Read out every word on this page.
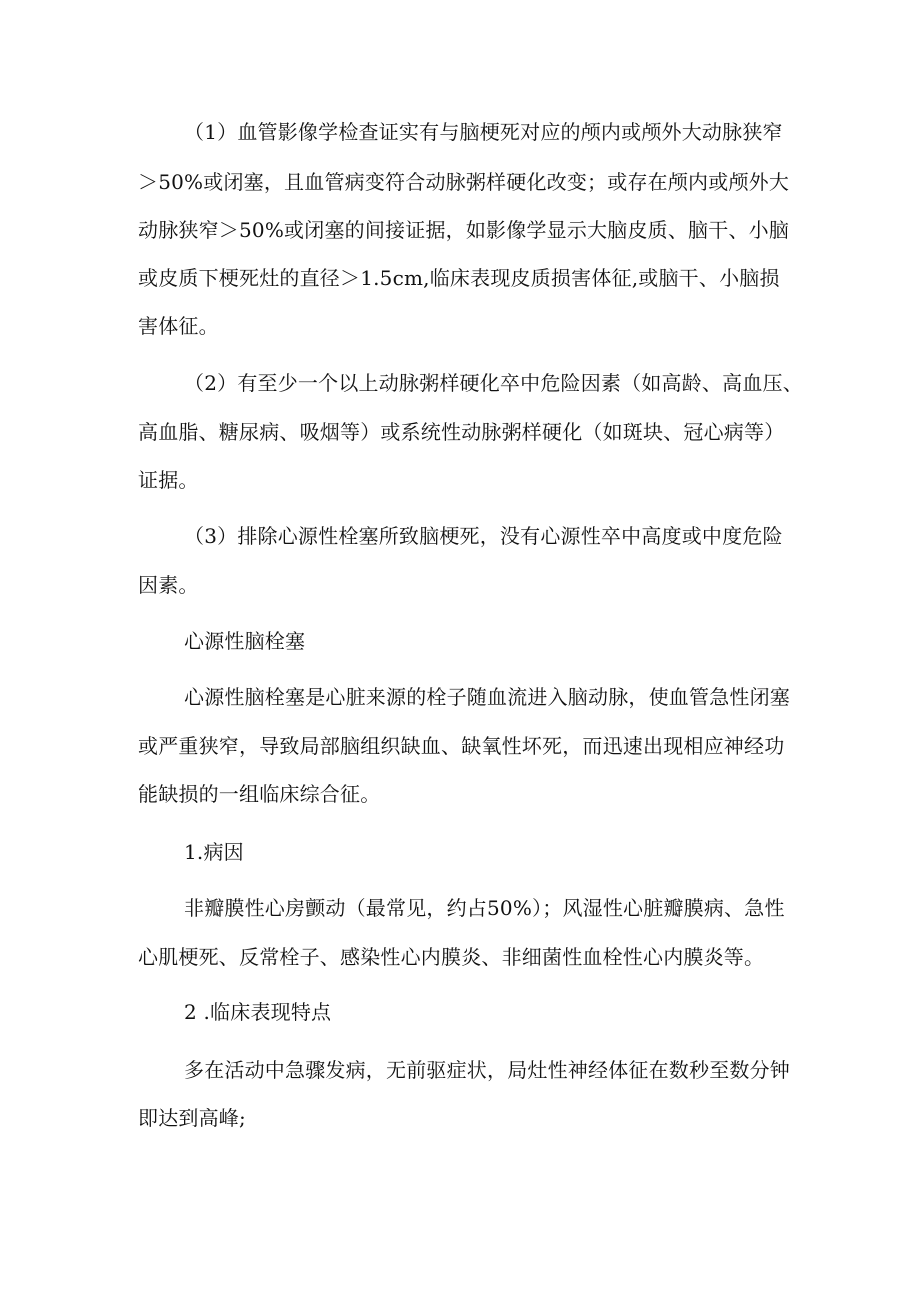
（1）血管影像学检查证实有与脑梗死对应的颅内或颅外大动脉狭窄
＞50%或闭塞，且血管病变符合动脉粥样硬化改变；或存在颅内或颅外大
动脉狭窄＞50%或闭塞的间接证据，如影像学显示大脑皮质、脑干、小脑
或皮质下梗死灶的直径＞1.5cm,临床表现皮质损害体征,或脑干、小脑损
害体征。
（2）有至少一个以上动脉粥样硬化卒中危险因素（如高龄、高血压、
高血脂、糖尿病、吸烟等）或系统性动脉粥样硬化（如斑块、冠心病等）
证据。
（3）排除心源性栓塞所致脑梗死，没有心源性卒中高度或中度危险
因素。
心源性脑栓塞
心源性脑栓塞是心脏来源的栓子随血流进入脑动脉，使血管急性闭塞
或严重狭窄，导致局部脑组织缺血、缺氧性坏死，而迅速出现相应神经功
能缺损的一组临床综合征。
1.病因
非瓣膜性心房颤动（最常见，约占50%）；风湿性心脏瓣膜病、急性
心肌梗死、反常栓子、感染性心内膜炎、非细菌性血栓性心内膜炎等。
2 .临床表现特点
多在活动中急骤发病，无前驱症状，局灶性神经体征在数秒至数分钟
即达到高峰;
